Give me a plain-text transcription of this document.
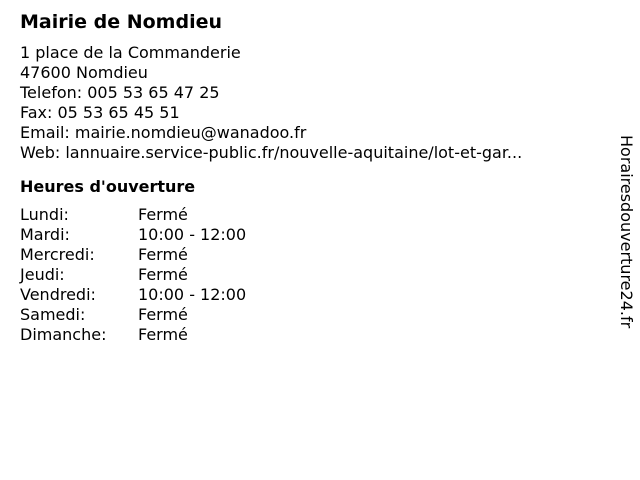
Mairie de Nomdieu
1 place de la Commanderie
47600 Nomdieu
Telefon: 005 53 65 47 25
Fax: 05 53 65 45 51
Email: mairie.nomdieu@wanadoo.fr
Web: lannuaire.service-public.fr/nouvelle-aquitaine/lot-et-gar...
Heures d'ouverture
Lundi:	Fermé
Mardi:	10:00 - 12:00
Mercredi:	Fermé
Jeudi:	Fermé
Vendredi:	10:00 - 12:00
Samedi:	Fermé
Dimanche:	Fermé
Horairesdouverture24.fr
